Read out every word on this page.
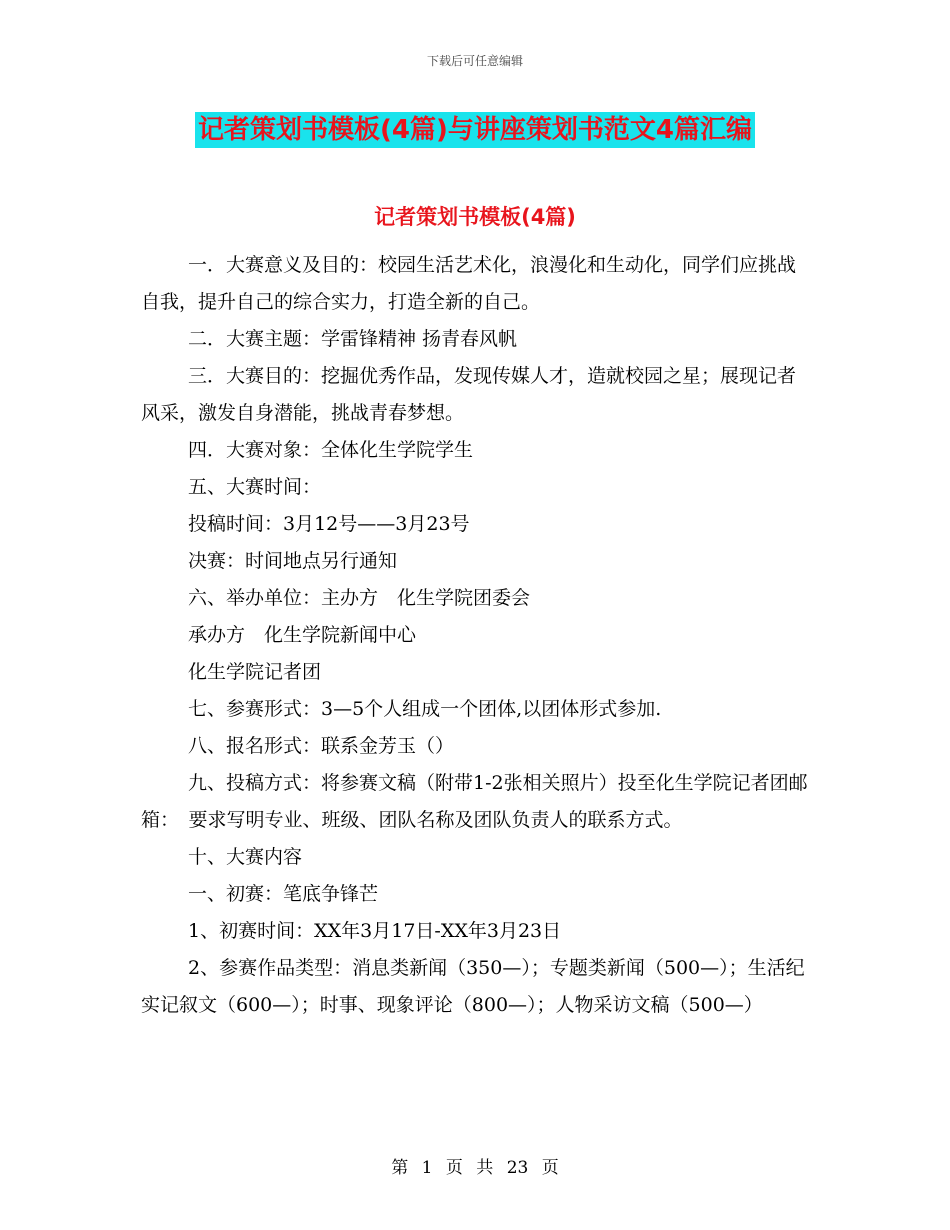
下载后可任意编辑
记者策划书模板(4篇)与讲座策划书范文4篇汇编
记者策划书模板(4篇)

一．大赛意义及目的：校园生活艺术化，浪漫化和生动化，同学们应挑战自我，提升自己的综合实力，打造全新的自己。

二．大赛主题：学雷锋精神 扬青春风帆

三．大赛目的：挖掘优秀作品，发现传媒人才，造就校园之星；展现记者风采，激发自身潜能，挑战青春梦想。

四．大赛对象：全体化生学院学生

五、大赛时间：

投稿时间：3月12号——3月23号

决赛：时间地点另行通知

六、举办单位：主办方　化生学院团委会

承办方　化生学院新闻中心

化生学院记者团

七、参赛形式：3—5个人组成一个团体,以团体形式参加.

八、报名形式：联系金芳玉（）

九、投稿方式：将参赛文稿（附带1-2张相关照片）投至化生学院记者团邮箱：　要求写明专业、班级、团队名称及团队负责人的联系方式。

十、大赛内容

一、初赛：笔底争锋芒

1、初赛时间：XX年3月17日-XX年3月23日

2、参赛作品类型：消息类新闻（350—）；专题类新闻（500—）；生活纪实记叙文（600—）；时事、现象评论（800—）；人物采访文稿（500—）

第 1 页 共 23 页
